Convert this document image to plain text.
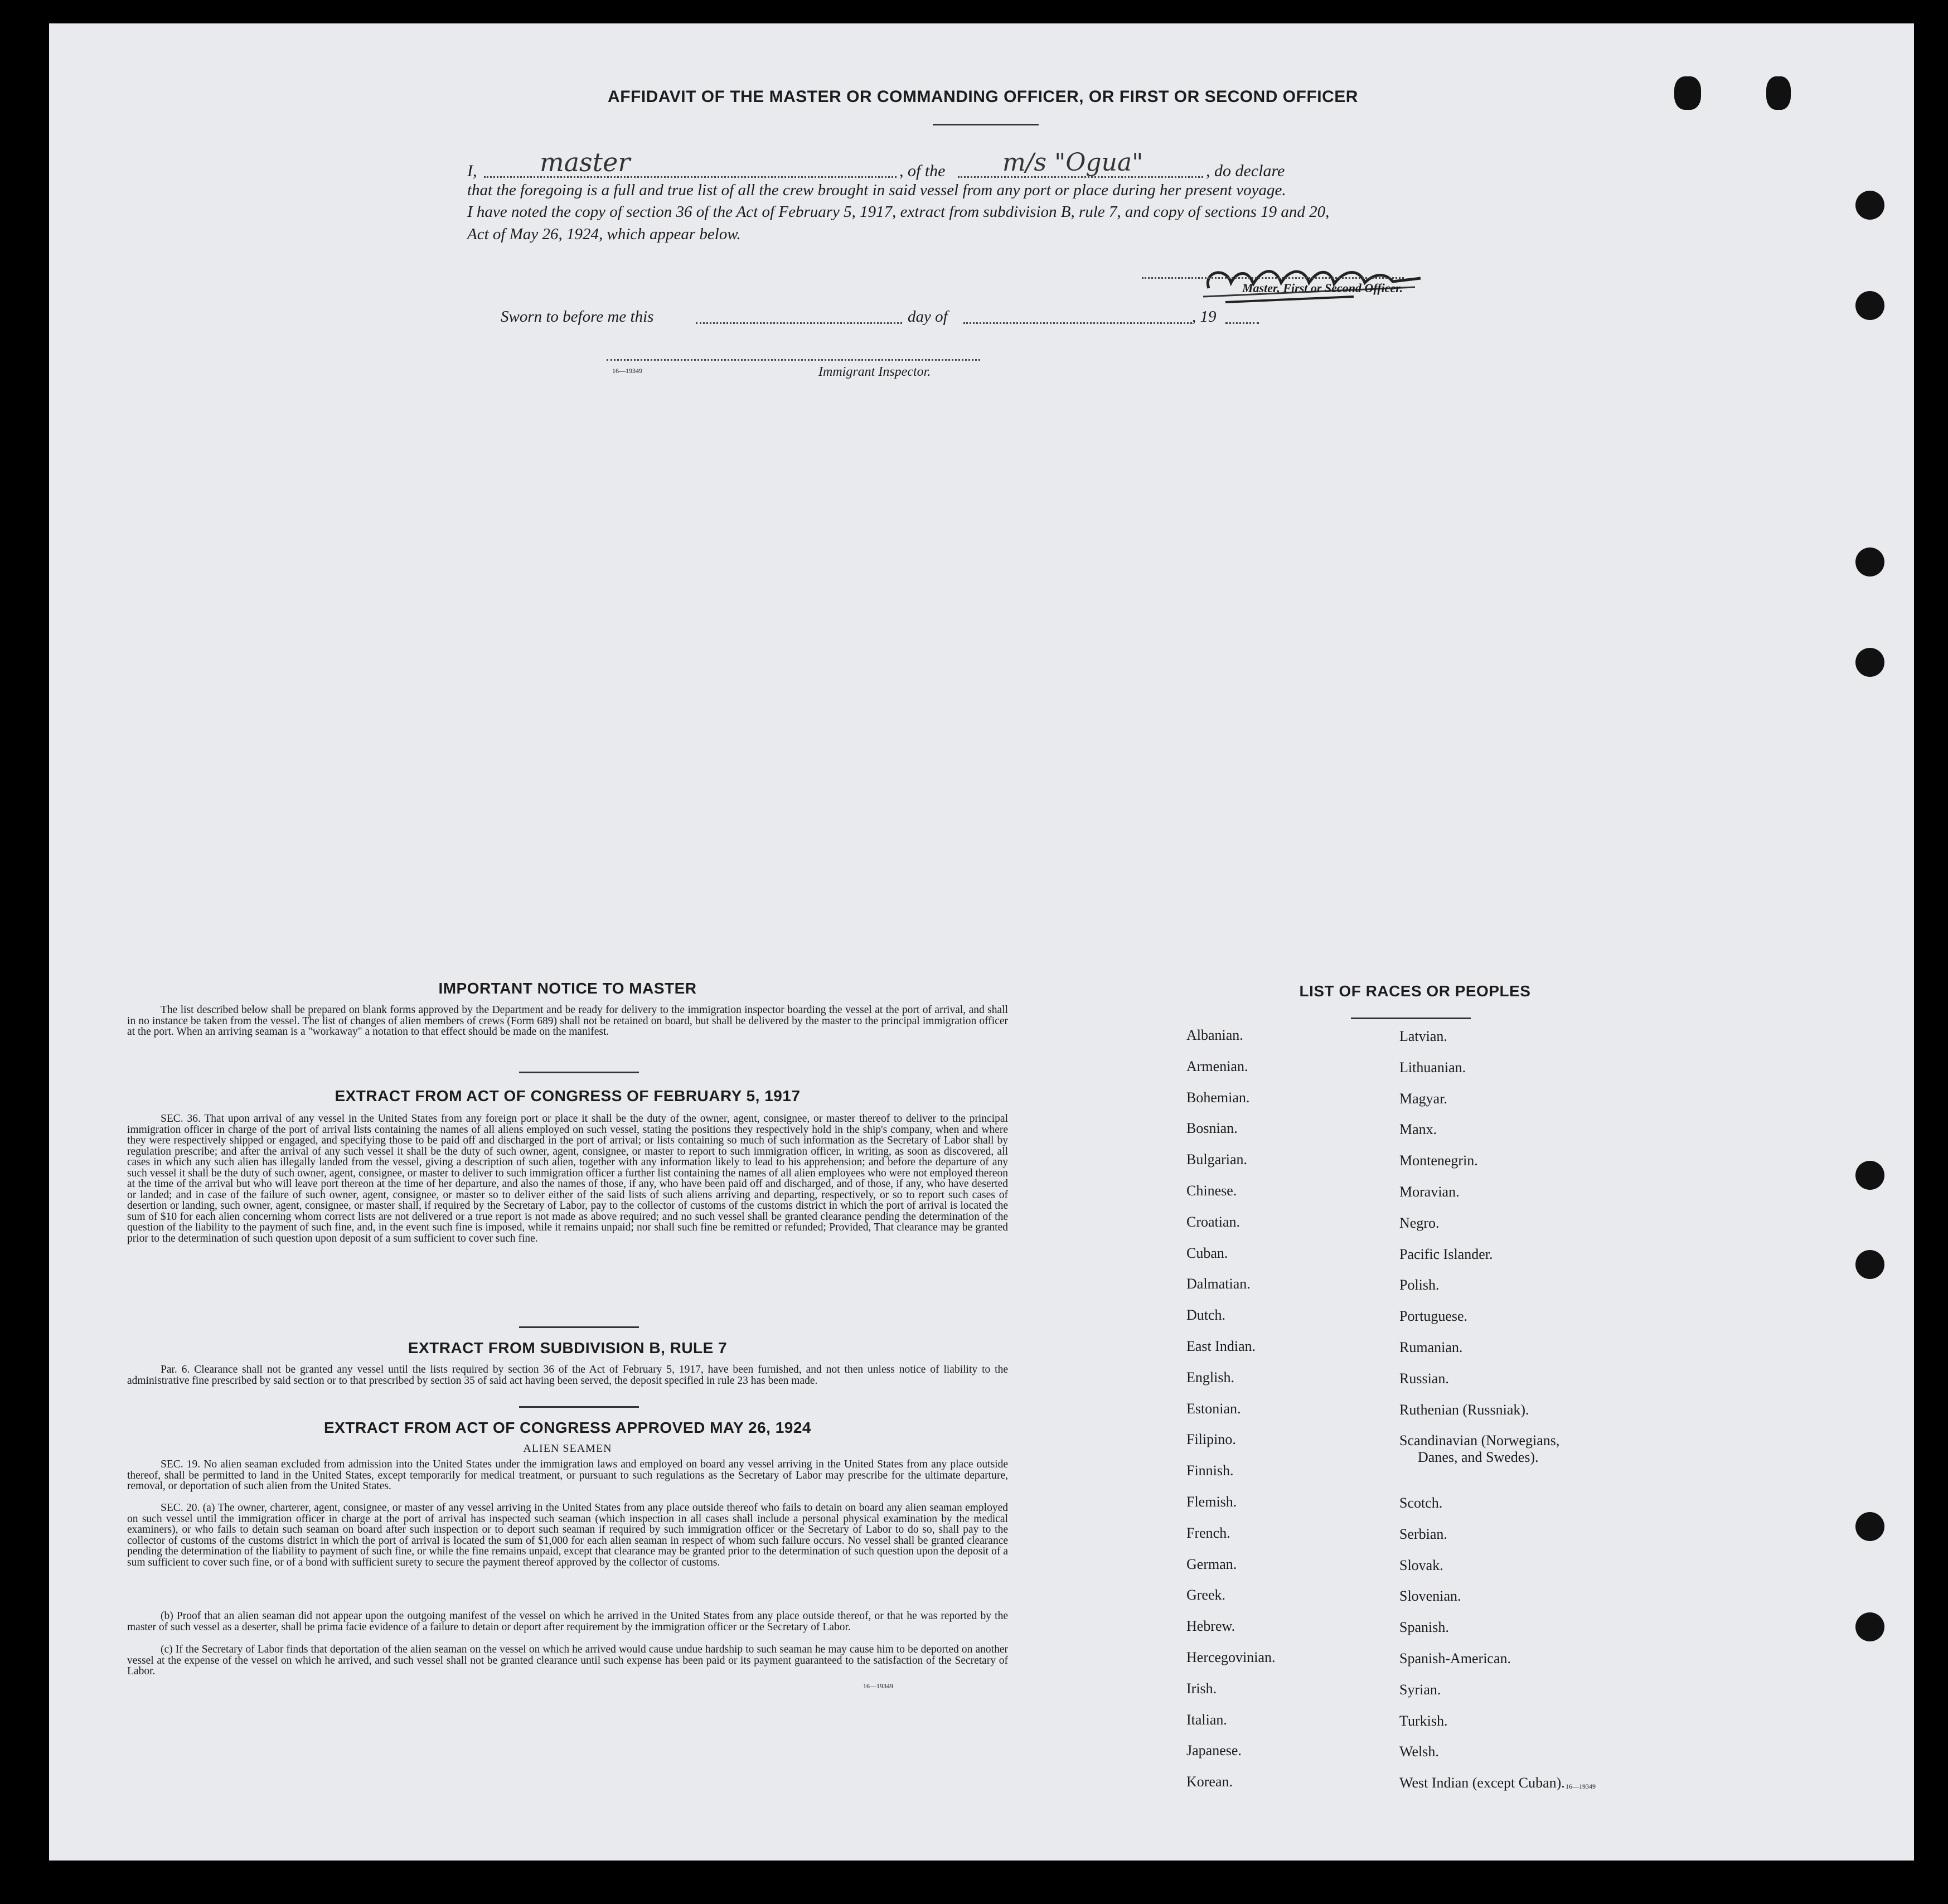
AFFIDAVIT OF THE MASTER OR COMMANDING OFFICER, OR FIRST OR SECOND OFFICER
I, master	, of the m/s "Ogua"	, do declare
that the foregoing is a full and true list of all the crew brought in said vessel from any port or place during her present voyage.
I have noted the copy of section 36 of the Act of February 5, 1917, extract from subdivision B, rule 7, and copy of sections 19 and 20,
Act of May 26, 1924, which appear below.
Master, First or Second Officer.
Sworn to before me this	day of	, 19
16—19349	Immigrant Inspector.
IMPORTANT NOTICE TO MASTER
The list described below shall be prepared on blank forms approved by the Department and be ready for delivery to the immigration inspector boarding the vessel at the port of arrival, and shall in no instance be taken from the vessel. The list of changes of alien members of crews (Form 689) shall not be retained on board, but shall be delivered by the master to the principal immigration officer at the port. When an arriving seaman is a "workaway" a notation to that effect should be made on the manifest.
EXTRACT FROM ACT OF CONGRESS OF FEBRUARY 5, 1917
SEC. 36. That upon arrival of any vessel in the United States from any foreign port or place it shall be the duty of the owner, agent, consignee, or master thereof to deliver to the principal immigration officer in charge of the port of arrival lists containing the names of all aliens employed on such vessel, stating the positions they respectively hold in the ship's company, when and where they were respectively shipped or engaged, and specifying those to be paid off and discharged in the port of arrival; or lists containing so much of such information as the Secretary of Labor shall by regulation prescribe; and after the arrival of any such vessel it shall be the duty of such owner, agent, consignee, or master to report to such immigration officer, in writing, as soon as discovered, all cases in which any such alien has illegally landed from the vessel, giving a description of such alien, together with any information likely to lead to his apprehension; and before the departure of any such vessel it shall be the duty of such owner, agent, consignee, or master to deliver to such immigration officer a further list containing the names of all alien employees who were not employed thereon at the time of the arrival but who will leave port thereon at the time of her departure, and also the names of those, if any, who have been paid off and discharged, and of those, if any, who have deserted or landed; and in case of the failure of such owner, agent, consignee, or master so to deliver either of the said lists of such aliens arriving and departing, respectively, or so to report such cases of desertion or landing, such owner, agent, consignee, or master shall, if required by the Secretary of Labor, pay to the collector of customs of the customs district in which the port of arrival is located the sum of $10 for each alien concerning whom correct lists are not delivered or a true report is not made as above required; and no such vessel shall be granted clearance pending the determination of the question of the liability to the payment of such fine, and, in the event such fine is imposed, while it remains unpaid; nor shall such fine be remitted or refunded; Provided, That clearance may be granted prior to the determination of such question upon deposit of a sum sufficient to cover such fine.
EXTRACT FROM SUBDIVISION B, RULE 7
Par. 6. Clearance shall not be granted any vessel until the lists required by section 36 of the Act of February 5, 1917, have been furnished, and not then unless notice of liability to the administrative fine prescribed by said section or to that prescribed by section 35 of said act having been served, the deposit specified in rule 23 has been made.
EXTRACT FROM ACT OF CONGRESS APPROVED MAY 26, 1924
ALIEN SEAMEN
SEC. 19. No alien seaman excluded from admission into the United States under the immigration laws and employed on board any vessel arriving in the United States from any place outside thereof, shall be permitted to land in the United States, except temporarily for medical treatment, or pursuant to such regulations as the Secretary of Labor may prescribe for the ultimate departure, removal, or deportation of such alien from the United States.
SEC. 20. (a) The owner, charterer, agent, consignee, or master of any vessel arriving in the United States from any place outside thereof who fails to detain on board any alien seaman employed on such vessel until the immigration officer in charge at the port of arrival has inspected such seaman (which inspection in all cases shall include a personal physical examination by the medical examiners), or who fails to detain such seaman on board after such inspection or to deport such seaman if required by such immigration officer or the Secretary of Labor to do so, shall pay to the collector of customs of the customs district in which the port of arrival is located the sum of $1,000 for each alien seaman in respect of whom such failure occurs. No vessel shall be granted clearance pending the determination of the liability to payment of such fine, or while the fine remains unpaid, except that clearance may be granted prior to the determination of such question upon the deposit of a sum sufficient to cover such fine, or of a bond with sufficient surety to secure the payment thereof approved by the collector of customs.
(b) Proof that an alien seaman did not appear upon the outgoing manifest of the vessel on which he arrived in the United States from any place outside thereof, or that he was reported by the master of such vessel as a deserter, shall be prima facie evidence of a failure to detain or deport after requirement by the immigration officer or the Secretary of Labor.
(c) If the Secretary of Labor finds that deportation of the alien seaman on the vessel on which he arrived would cause undue hardship to such seaman he may cause him to be deported on another vessel at the expense of the vessel on which he arrived, and such vessel shall not be granted clearance until such expense has been paid or its payment guaranteed to the satisfaction of the Secretary of Labor.
16—19349
LIST OF RACES OR PEOPLES
16—19349
Albanian.
Armenian.
Bohemian.
Bosnian.
Bulgarian.
Chinese.
Croatian.
Cuban.
Dalmatian.
Dutch.
East Indian.
English.
Estonian.
Filipino.
Finnish.
Flemish.
French.
German.
Greek.
Hebrew.
Hercegovinian.
Irish.
Italian.
Japanese.
Korean.
Latvian.
Lithuanian.
Magyar.
Manx.
Montenegrin.
Moravian.
Negro.
Pacific Islander.
Polish.
Portuguese.
Rumanian.
Russian.
Ruthenian (Russniak).
Scandinavian (Norwegians,
Danes, and Swedes).
Scotch.
Serbian.
Slovak.
Slovenian.
Spanish.
Spanish-American.
Syrian.
Turkish.
Welsh.
West Indian (except Cuban).
